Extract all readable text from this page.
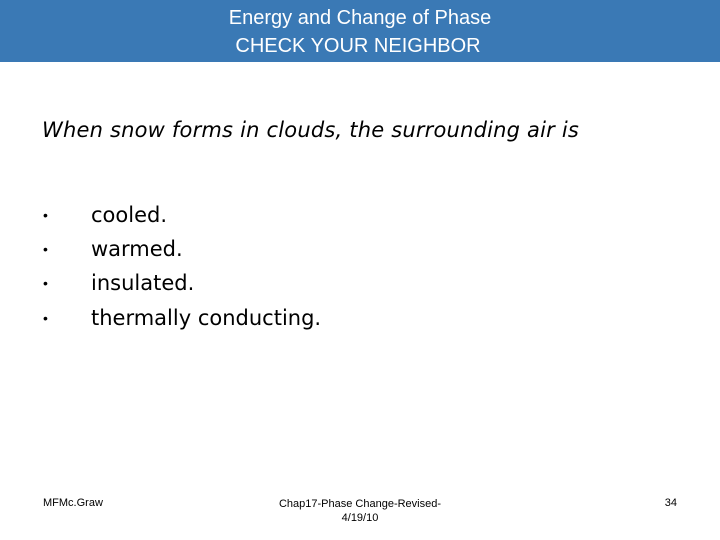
Energy and Change of Phase
CHECK YOUR NEIGHBOR
When snow forms in clouds, the surrounding air is
• cooled.
• warmed.
• insulated.
• thermally conducting.
MFMc.Graw	Chap17-Phase Change-Revised-
4/19/10
34
